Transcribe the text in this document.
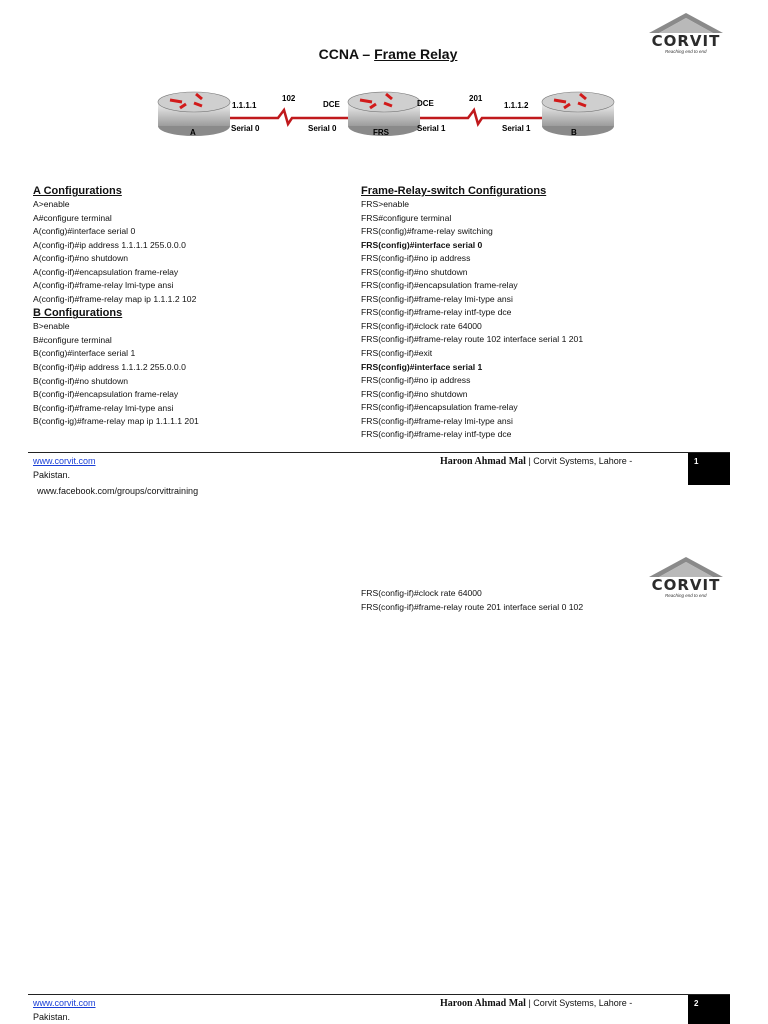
CORVIT
Reaching end to end
CCNA – Frame Relay
A	FRS	B
1.1.1.1
102
DCE	DCE
201
1.1.1.2
Serial 0	Serial 0	Serial 1	Serial 1
A Configurations
A>enable
A#configure terminal
A(config)#interface serial 0
A(config-if)#ip address 1.1.1.1 255.0.0.0
A(config-if)#no shutdown
A(config-if)#encapsulation frame-relay
A(config-if)#frame-relay lmi-type ansi
A(config-if)#frame-relay map ip 1.1.1.2 102
B Configurations
B>enable
B#configure terminal
B(config)#interface serial 1
B(config-if)#ip address 1.1.1.2 255.0.0.0
B(config-if)#no shutdown
B(config-if)#encapsulation frame-relay
B(config-if)#frame-relay lmi-type ansi
B(config-ig)#frame-relay map ip 1.1.1.1 201
Frame-Relay-switch Configurations
FRS>enable
FRS#configure terminal
FRS(config)#frame-relay switching
FRS(config)#interface serial 0
FRS(config-if)#no ip address
FRS(config-if)#no shutdown
FRS(config-if)#encapsulation frame-relay
FRS(config-if)#frame-relay lmi-type ansi
FRS(config-if)#frame-relay intf-type dce
FRS(config-if)#clock rate 64000
FRS(config-if)#frame-relay route 102 interface serial 1 201
FRS(config-if)#exit
FRS(config)#interface serial 1
FRS(config-if)#no ip address
FRS(config-if)#no shutdown
FRS(config-if)#encapsulation frame-relay
FRS(config-if)#frame-relay lmi-type ansi
FRS(config-if)#frame-relay intf-type dce
www.corvit.com	Haroon Ahmad Mal | Corvit Systems, Lahore -	1
Pakistan.
www.facebook.com/groups/corvittraining
CORVIT
Reaching end to end
FRS(config-if)#clock rate 64000
FRS(config-if)#frame-relay route 201 interface serial 0 102
www.corvit.com	Haroon Ahmad Mal | Corvit Systems, Lahore -	2
Pakistan.
